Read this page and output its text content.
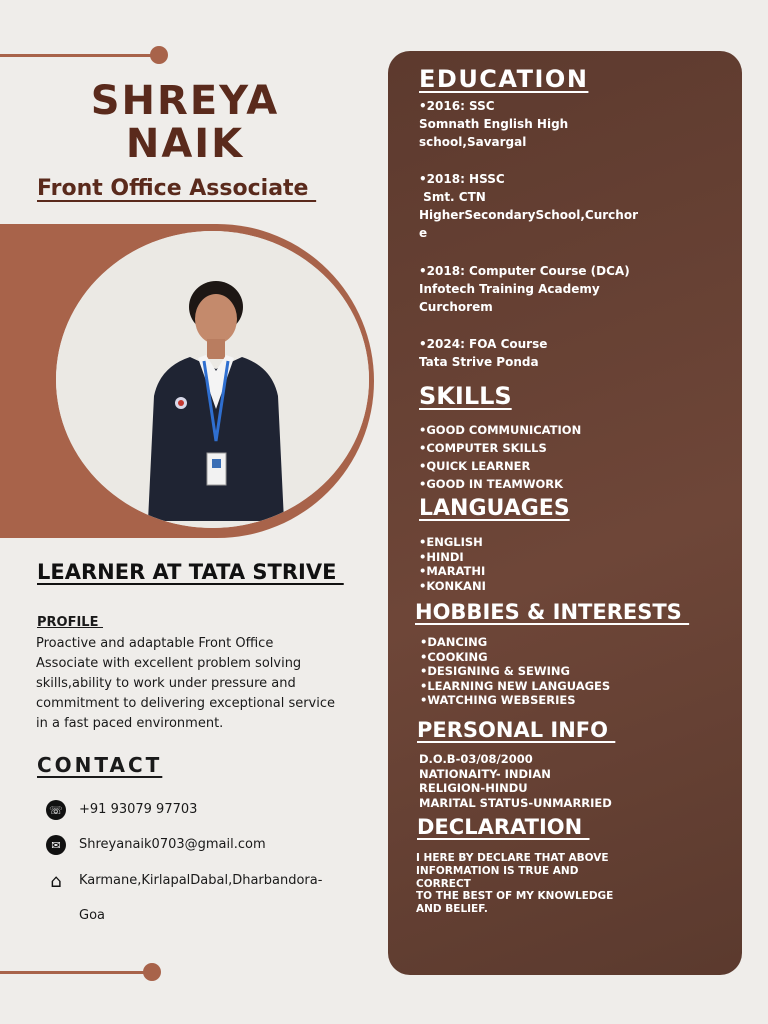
SHREYA
NAIK
Front Office Associate
LEARNER AT TATA STRIVE
PROFILE
Proactive and adaptable Front Office Associate with excellent problem solving skills,ability to work under pressure and commitment to delivering exceptional service in a fast paced environment.
CONTACT
☏ +91 93079 97703
✉	Shreyanaik0703@gmail.com
⌂	Karmane,KirlapalDabal,Dharbandora-
Goa
EDUCATION
•2016: SSC
Somnath English High
school,Savargal
•2018: HSSC
Smt. CTN
HigherSecondarySchool,Curchor
e
•2018: Computer Course (DCA)
Infotech Training Academy
Curchorem
•2024: FOA Course
Tata Strive Ponda
SKILLS
•GOOD COMMUNICATION
•COMPUTER SKILLS
•QUICK LEARNER
•GOOD IN TEAMWORK
LANGUAGES
•ENGLISH
•HINDI
•MARATHI
•KONKANI
HOBBIES & INTERESTS
•DANCING
•COOKING
•DESIGNING & SEWING
•LEARNING NEW LANGUAGES
•WATCHING WEBSERIES
PERSONAL INFO
D.O.B-03/08/2000
NATIONAITY- INDIAN
RELIGION-HINDU
MARITAL STATUS-UNMARRIED
DECLARATION
I HERE BY DECLARE THAT ABOVE
INFORMATION IS TRUE AND
CORRECT
TO THE BEST OF MY KNOWLEDGE
AND BELIEF.
